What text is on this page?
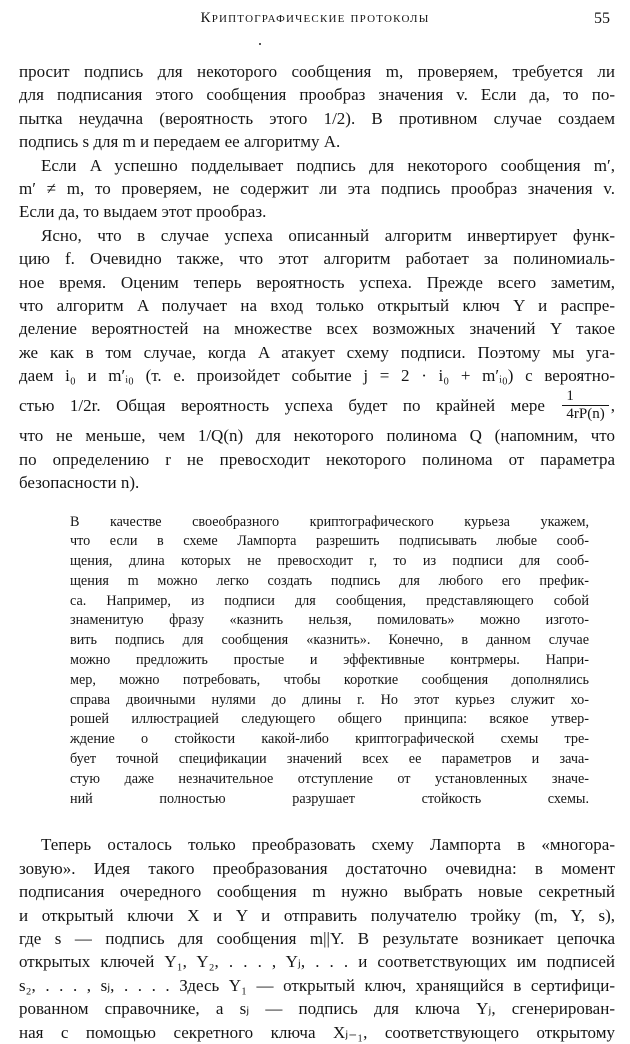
Криптографические протоколы	55
просит подпись для некоторого сообщения m, проверяем, требуется ли
для подписания этого сообщения прообраз значения v. Если да, то по-
пытка неудачна (вероятность этого 1/2). В противном случае создаем
подпись s для m и передаем ее алгоритму A.
Если A успешно подделывает подпись для некоторого сообщения m′,
m′ ≠ m, то проверяем, не содержит ли эта подпись прообраз значения v.
Если да, то выдаем этот прообраз.
Ясно, что в случае успеха описанный алгоритм инвертирует функ-
цию f. Очевидно также, что этот алгоритм работает за полиномиаль-
ное время. Оценим теперь вероятность успеха. Прежде всего заметим,
что алгоритм A получает на вход только открытый ключ Y и распре-
деление вероятностей на множестве всех возможных значений Y такое
же как в том случае, когда A атакует схему подписи. Поэтому мы уга-
даем i₀ и m′ᵢ₀ (т. е. произойдет событие j = 2 · i₀ + m′ᵢ₀) с вероятно-
стью 1/2r. Общая вероятность успеха будет по крайней мере $\frac{1}{4rP(n)}$ ,
что не меньше, чем 1/Q(n) для некоторого полинома Q (напомним, что
по определению r не превосходит некоторого полинома от параметра
безопасности n).
В качестве своеобразного криптографического курьеза укажем,
что если в схеме Лампорта разрешить подписывать любые сооб-
щения, длина которых не превосходит r, то из подписи для сооб-
щения m можно легко создать подпись для любого его префик-
са. Например, из подписи для сообщения, представляющего собой
знаменитую фразу «казнить нельзя, помиловать» можно изгото-
вить подпись для сообщения «казнить». Конечно, в данном случае
можно предложить простые и эффективные контрмеры. Напри-
мер, можно потребовать, чтобы короткие сообщения дополнялись
справа двоичными нулями до длины r. Но этот курьез служит хо-
рошей иллюстрацией следующего общего принципа: всякое утвер-
ждение о стойкости какой-либо криптографической схемы тре-
бует точной спецификации значений всех ее параметров и зача-
стую даже незначительное отступление от установленных значе-
ний полностью разрушает стойкость схемы.
Теперь осталось только преобразовать схему Лампорта в «многора-
зовую». Идея такого преобразования достаточно очевидна: в момент
подписания очередного сообщения m нужно выбрать новые секретный
и открытый ключи X и Y и отправить получателю тройку (m, Y, s),
где s — подпись для сообщения m||Y. В результате возникает цепочка
открытых ключей Y₁, Y₂, . . . , Yⱼ, . . . и соответствующих им подписей
s₂, . . . , sⱼ, . . . . Здесь Y₁ — открытый ключ, хранящийся в сертифици-
рованном справочнике, а sⱼ — подпись для ключа Yⱼ, сгенерирован-
ная с помощью секретного ключа Xⱼ₋₁, соответствующего открытому
